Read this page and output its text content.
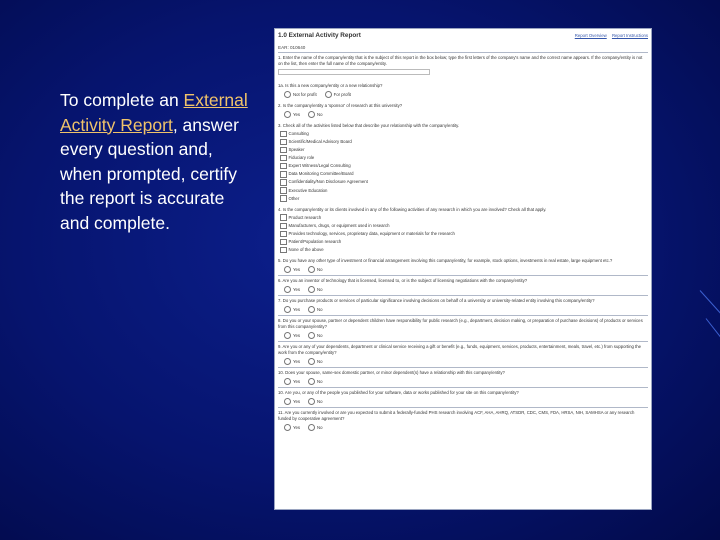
To complete an External Activity Report, answer every question and, when prompted, certify the report is accurate and complete.
1.0 External Activity Report	Report Overview Report Instructions
EAR: 010640
1. Enter the name of the company/entity that is the subject of this report in the box below; type the first letters of the company's name and the correct name appears. If the company/entity is not on the list, then enter the full name of the company/entity.
1a. Is this a new company/entity or a new relationship?
Not for profit	For profit
2. Is the company/entity a 'sponsor' of research at this university?
Yes	No
3. Check all of the activities listed below that describe your relationship with the company/entity.
Consulting
Scientific/Medical Advisory Board
Speaker
Fiduciary role
Expert Witness/Legal Consulting
Data Monitoring Committee/Board
Confidentiality/Non Disclosure Agreement
Executive Education
Other
4. Is the company/entity or its clients involved in any of the following activities of any research in which you are involved? Check all that apply.
Product research
Manufacturers, drugs, or equipment used in research
Provides technology, services, proprietary data, equipment or materials for the research
Patient/Population research
None of the above
5. Do you have any other type of investment or financial arrangement involving this company/entity, for example, stock options, investments in real estate, large equipment etc.?
Yes	No
6. Are you an inventor of technology that is licensed, licensed to, or is the subject of licensing negotiations with the company/entity?
Yes	No
7. Do you purchase products or services of particular significance involving decisions on behalf of a university or university-related entity involving this company/entity?
Yes	No
8. Do you or your spouse, partner or dependent children have responsibility for public research (e.g., department, decision making, or preparation of purchase decisions) of products or services from this company/entity?
Yes	No
9. Are you or any of your dependents, department or clinical service receiving a gift or benefit (e.g., funds, equipment, services, products, entertainment, meals, travel, etc.) from supporting the work from the company/entity?
Yes	No
10. Does your spouse, same-sex domestic partner, or minor dependent(s) have a relationship with this company/entity?
Yes	No
10. Are you, or any of the people you published for your software, data or works published for your site on this company/entity?
Yes	No
11. Are you currently involved or are you expected to submit a federally-funded PHS research involving ACF, AHA, AHRQ, ATSDR, CDC, CMS, FDA, HRSA, NIH, SAMHSA or any research funded by cooperative agreement?
Yes	No
